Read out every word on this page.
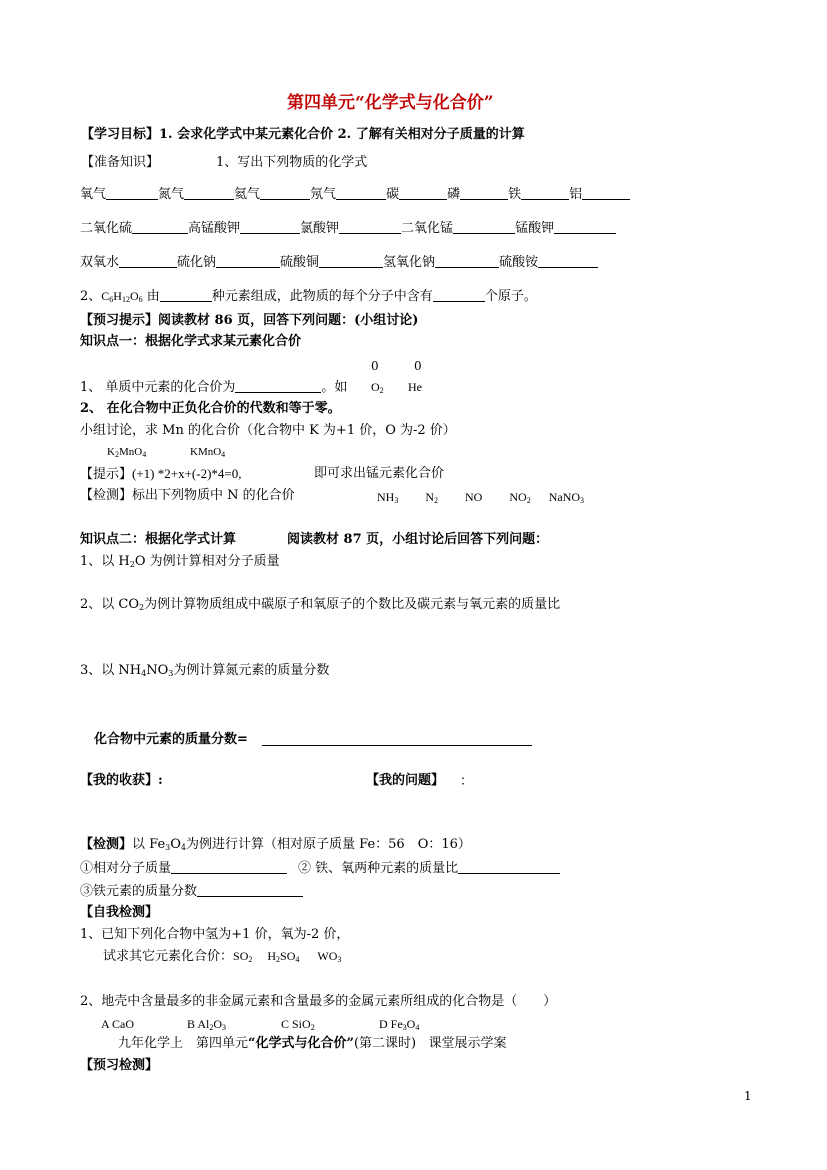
第四单元“化学式与化合价”
【学习目标】1. 会求化学式中某元素化合价 2. 了解有关相对分子质量的计算
【准备知识】	1、写出下列物质的化学式
氧气	氮气	氦气	氖气	碳	磷	铁	铝
二氧化硫	高锰酸钾	氯酸钾	二氧化锰	锰酸钾
双氧水	硫化钠	硫酸铜	氢氧化钠	硫酸铵
2、$C_6H_{12}O_6$ 由	种元素组成，此物质的每个分子中含有	个原子。
【预习提示】阅读教材 86 页，回答下列问题：(小组讨论)
知识点一：根据化学式求某元素化合价
0	0
1、 单质中元素的化合价为	。如 $O_2$ He
2、 在化合物中正负化合价的代数和等于零。
小组讨论，求 Mn 的化合价（化合物中 K 为+1 价，O 为-2 价）
$K_2MnO_4$	KMnO$_4$
【提示】(+1) *2+x+(-2)*4=0,	即可求出锰元素化合价
【检测】标出下列物质中 N 的化合价	$NH_3$ $N_2$ NO $NO_2$ NaNO$_3$
知识点二：根据化学式计算	阅读教材 87 页，小组讨论后回答下列问题：
1、以 $H_2O$ 为例计算相对分子质量
2、以 $CO_2$为例计算物质组成中碳原子和氧原子的个数比及碳元素与氧元素的质量比
3、以 $NH_4NO_3$为例计算氮元素的质量分数
化合物中元素的质量分数=
【我的收获】:	【我的问题】 ：
【检测】以 $Fe_3O_4$为例进行计算（相对原子质量 Fe：56　O：16）
①相对分子质量	② 铁、氧两种元素的质量比
③铁元素的质量分数
【自我检测】
1、已知下列化合物中氢为+1 价，氧为-2 价，
试求其它元素化合价：$SO_2$ $H_2SO_4$ $WO_3$
2、地壳中含量最多的非金属元素和含量最多的金属元素所组成的化合物是（　　）
A CaO	B $Al_2O_3$	C SiO$_2$	D $Fe_3O_4$
九年化学上　第四单元“化学式与化合价”(第二课时) 课堂展示学案
【预习检测】
1
